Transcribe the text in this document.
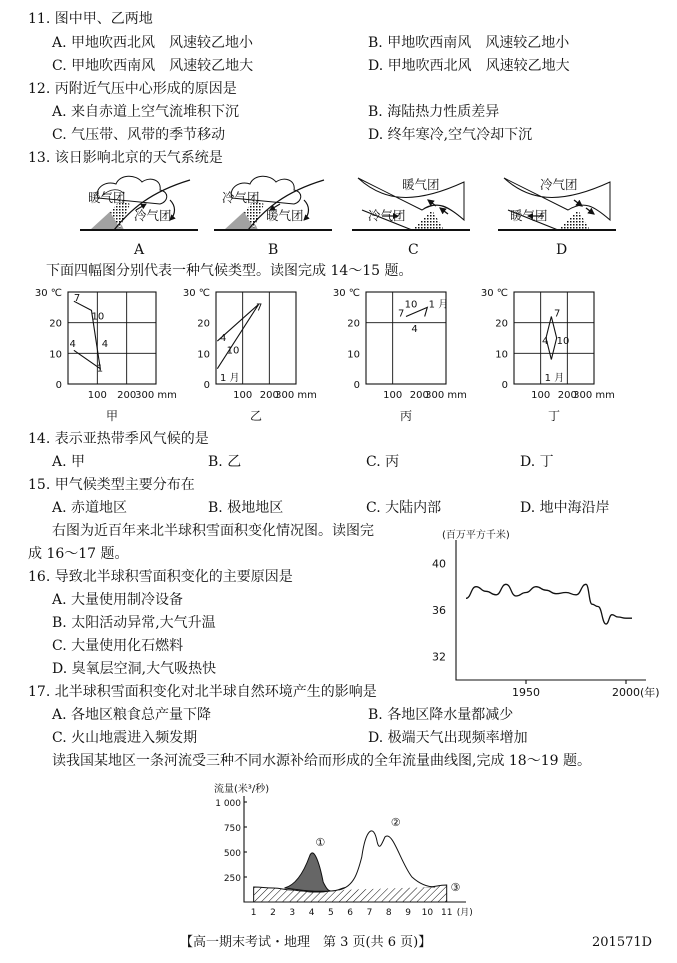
11. 图中甲、乙两地
A. 甲地吹西北风　风速较乙地小	B. 甲地吹西南风　风速较乙地小
C. 甲地吹西南风　风速较乙地大	D. 甲地吹西北风　风速较乙地大
12. 丙附近气压中心形成的原因是
A. 来自赤道上空气流堆积下沉	B. 海陆热力性质差异
C. 气压带、风带的季节移动	D. 终年寒冷,空气冷却下沉
13. 该日影响北京的天气系统是
暖气团
冷气团
A
冷气团
暖气团
B
暖气团
冷气团
C
冷气团
暖气团
D
下面四幅图分别代表一种气候类型。读图完成 14～15 题。
30 ℃
20
10
0
100 200
300 mm
7
10
4
1
4
甲
30 ℃
20
10
0
100 200
300 mm
7
4
10
1 月
乙
30 ℃
20
10
0
100 200
300 mm
7
10 1 月
4
丙
30 ℃
20
10
0
100 200
300 mm
7
4 10
1 月
丁
14. 表示亚热带季风气候的是
A. 甲	B. 乙	C. 丙	D. 丁
15. 甲气候类型主要分布在
A. 赤道地区	B. 极地地区	C. 大陆内部	D. 地中海沿岸
右图为近百年来北半球积雪面积变化情况图。读图完
成 16～17 题。
16. 导致北半球积雪面积变化的主要原因是
A. 大量使用制冷设备
B. 太阳活动异常,大气升温
C. 大量使用化石燃料
D. 臭氧层空洞,大气吸热快
(百万平方千米)
40
36
32
1950	2000 (年)
17. 北半球积雪面积变化对北半球自然环境产生的影响是
A. 各地区粮食总产量下降	B. 各地区降水量都减少
C. 火山地震进入频发期	D. 极端天气出现频率增加
读我国某地区一条河流受三种不同水源补给而形成的全年流量曲线图,完成 18～19 题。
流量(米³/秒)
1 000
750
500
250
1 2 3 4 5 6 7 8 9 10 11 (月)
①
②
③
【高一期末考试・地理　第 3 页(共 6 页)】	201571D
